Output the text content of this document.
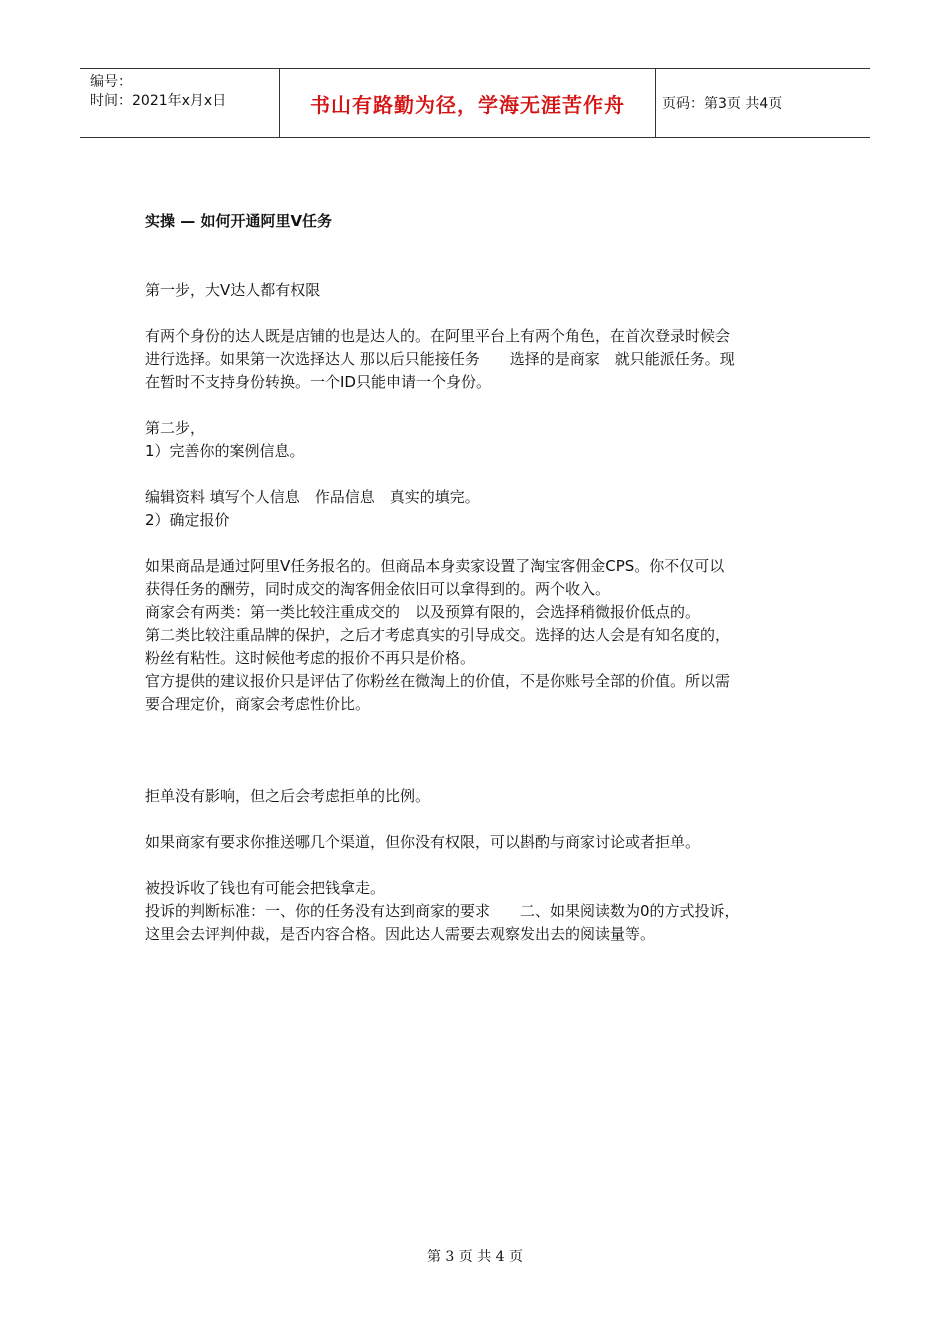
编号：
时间：2021年x月x日	书山有路勤为径，学海无涯苦作舟	页码：第3页 共4页

实操 — 如何开通阿里V任务

第一步，大V达人都有权限

有两个身份的达人既是店铺的也是达人的。在阿里平台上有两个角色，在首次登录时候会

进行选择。如果第一次选择达人 那以后只能接任务　　选择的是商家　就只能派任务。现

在暂时不支持身份转换。一个ID只能申请一个身份。

第二步，

1）完善你的案例信息。

编辑资料 填写个人信息　作品信息　真实的填完。

2）确定报价

如果商品是通过阿里V任务报名的。但商品本身卖家设置了淘宝客佣金CPS。你不仅可以

获得任务的酬劳，同时成交的淘客佣金依旧可以拿得到的。两个收入。

商家会有两类：第一类比较注重成交的　以及预算有限的，会选择稍微报价低点的。

第二类比较注重品牌的保护，之后才考虑真实的引导成交。选择的达人会是有知名度的，

粉丝有粘性。这时候他考虑的报价不再只是价格。

官方提供的建议报价只是评估了你粉丝在微淘上的价值，不是你账号全部的价值。所以需

要合理定价，商家会考虑性价比。

拒单没有影响，但之后会考虑拒单的比例。

如果商家有要求你推送哪几个渠道，但你没有权限，可以斟酌与商家讨论或者拒单。

被投诉收了钱也有可能会把钱拿走。

投诉的判断标准：一、你的任务没有达到商家的要求　　二、如果阅读数为0的方式投诉，

这里会去评判仲裁，是否内容合格。因此达人需要去观察发出去的阅读量等。

第 3 页 共 4 页
